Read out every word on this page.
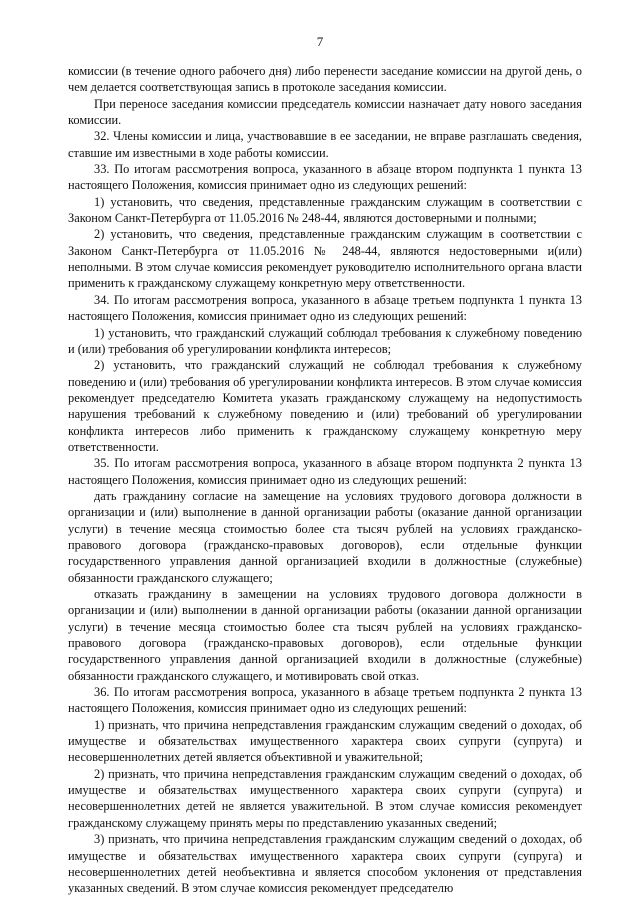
7

комиссии (в течение одного рабочего дня) либо перенести заседание комиссии на другой день, о чем делается соответствующая запись в протоколе заседания комиссии.

При переносе заседания комиссии председатель комиссии назначает дату нового заседания комиссии.

32. Члены комиссии и лица, участвовавшие в ее заседании, не вправе разглашать сведения, ставшие им известными в ходе работы комиссии.

33. По итогам рассмотрения вопроса, указанного в абзаце втором подпункта 1 пункта 13 настоящего Положения, комиссия принимает одно из следующих решений:

1) установить, что сведения, представленные гражданским служащим в соответствии с Законом Санкт-Петербурга от 11.05.2016 № 248-44, являются достоверными и полными;

2) установить, что сведения, представленные гражданским служащим в соответствии с Законом Санкт-Петербурга от 11.05.2016 № 248-44, являются недостоверными и(или) неполными. В этом случае комиссия рекомендует руководителю исполнительного органа власти применить к гражданскому служащему конкретную меру ответственности.

34. По итогам рассмотрения вопроса, указанного в абзаце третьем подпункта 1 пункта 13 настоящего Положения, комиссия принимает одно из следующих решений:

1) установить, что гражданский служащий соблюдал требования к служебному поведению и (или) требования об урегулировании конфликта интересов;

2) установить, что гражданский служащий не соблюдал требования к служебному поведению и (или) требования об урегулировании конфликта интересов. В этом случае комиссия рекомендует председателю Комитета указать гражданскому служащему на недопустимость нарушения требований к служебному поведению и (или) требований об урегулировании конфликта интересов либо применить к гражданскому служащему конкретную меру ответственности.

35. По итогам рассмотрения вопроса, указанного в абзаце втором подпункта 2 пункта 13 настоящего Положения, комиссия принимает одно из следующих решений:

дать гражданину согласие на замещение на условиях трудового договора должности в организации и (или) выполнение в данной организации работы (оказание данной организации услуги) в течение месяца стоимостью более ста тысяч рублей на условиях гражданско-правового договора (гражданско-правовых договоров), если отдельные функции государственного управления данной организацией входили в должностные (служебные) обязанности гражданского служащего;

отказать гражданину в замещении на условиях трудового договора должности в организации и (или) выполнении в данной организации работы (оказании данной организации услуги) в течение месяца стоимостью более ста тысяч рублей на условиях гражданско-правового договора (гражданско-правовых договоров), если отдельные функции государственного управления данной организацией входили в должностные (служебные) обязанности гражданского служащего, и мотивировать свой отказ.

36. По итогам рассмотрения вопроса, указанного в абзаце третьем подпункта 2 пункта 13 настоящего Положения, комиссия принимает одно из следующих решений:

1) признать, что причина непредставления гражданским служащим сведений о доходах, об имуществе и обязательствах имущественного характера своих супруги (супруга) и несовершеннолетних детей является объективной и уважительной;

2) признать, что причина непредставления гражданским служащим сведений о доходах, об имуществе и обязательствах имущественного характера своих супруги (супруга) и несовершеннолетних детей не является уважительной. В этом случае комиссия рекомендует гражданскому служащему принять меры по представлению указанных сведений;

3) признать, что причина непредставления гражданским служащим сведений о доходах, об имуществе и обязательствах имущественного характера своих супруги (супруга) и несовершеннолетних детей необъективна и является способом уклонения от представления указанных сведений. В этом случае комиссия рекомендует председателю
